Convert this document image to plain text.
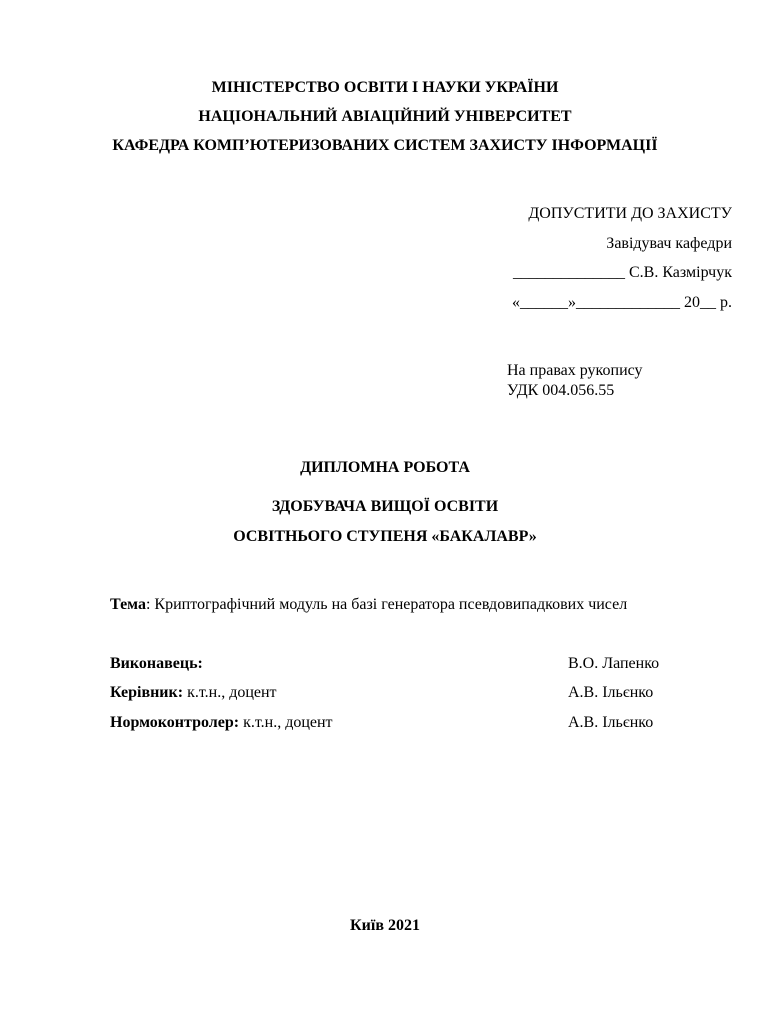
МІНІСТЕРСТВО ОСВІТИ І НАУКИ УКРАЇНИ
НАЦІОНАЛЬНИЙ АВІАЦІЙНИЙ УНІВЕРСИТЕТ
КАФЕДРА КОМП’ЮТЕРИЗОВАНИХ СИСТЕМ ЗАХИСТУ ІНФОРМАЦІЇ
ДОПУСТИТИ ДО ЗАХИСТУ
Завідувач кафедри
______________ С.В. Казмірчук
«______»_____________ 20__ р.
На правах рукопису
УДК 004.056.55
ДИПЛОМНА РОБОТА
ЗДОБУВАЧА ВИЩОЇ ОСВІТИ
ОСВІТНЬОГО СТУПЕНЯ «БАКАЛАВР»
Тема: Криптографічний модуль на базі генератора псевдовипадкових чисел
Виконавець:	В.О. Лапенко
Керівник: к.т.н., доцент	А.В. Ільєнко
Нормоконтролер: к.т.н., доцент	А.В. Ільєнко
Київ 2021
